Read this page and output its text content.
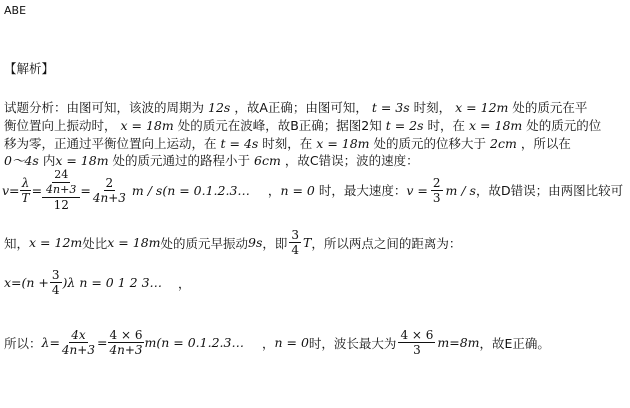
ABE
【解析】
试题分析：由图可知，该波的周期为 12s ，故A正确；由图可知， t = 3s 时刻， x = 12m 处的质元在平
衡位置向上振动时， x = 18m 处的质元在波峰，故B正确；据图2知 t = 2s 时，在 x = 18m 处的质元的位
移为零，正通过平衡位置向上运动，在 t = 4s 时刻，在 x = 18m 处的质元的位移大于 2cm ，所以在
0～4s 内x = 18m 处的质元通过的路程小于 6cm ，故C错误；波的速度：
$v= \frac{\lambda}{T} = \frac{\frac{24}{4n+3}}{12} = \frac{2}{4n+3}$ m / s(n = 0.1.2.3… ， n = 0 时，最大速度： $v = \frac{2}{3}$ m / s ，故D错误；由两图比较可
知， x = 12m 处比 x = 18m 处的质元早振动 9s ，即 $\frac{3}{4}$ T ，所以两点之间的距离为：
$x=(n + \frac{3}{4} )\lambda$ n = 0 1 2 3… ，
所以： $\lambda= \frac{4x}{4n+3} = \frac{4 \times 6}{4n+3} m(n$ = 0.1.2.3… ， n = 0 时，波长最大为 $\frac{4 \times 6}{3} m=8m$ ，故E正确。
